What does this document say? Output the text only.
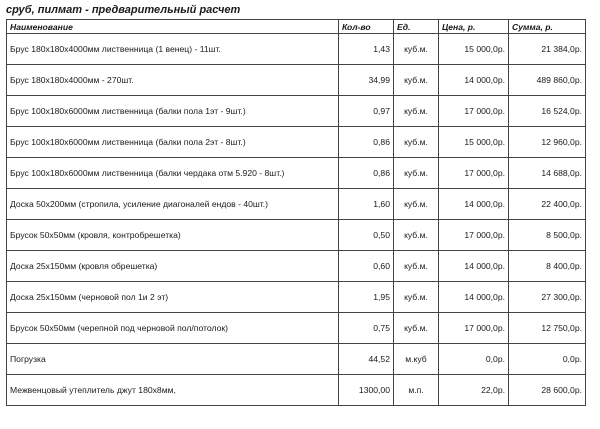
сруб, пилмат - предварительный расчет
Наименование	Кол-во	Ед.	Цена, р.	Сумма, р.
Брус 180х180х4000мм лиственница (1 венец) - 11шт.	1,43	куб.м.	15 000,0р.	21 384,0р.
Брус 180х180х4000мм - 270шт.	34,99	куб.м.	14 000,0р.	489 860,0р.
Брус 100х180х6000мм лиственница (балки пола 1эт - 9шт.)	0,97	куб.м.	17 000,0р.	16 524,0р.
Брус 100х180х6000мм лиственница (балки пола 2эт - 8шт.)	0,86	куб.м.	15 000,0р.	12 960,0р.
Брус 100х180х6000мм лиственница (балки чердака отм 5.920 - 8шт.)	0,86	куб.м.	17 000,0р.	14 688,0р.
Доска 50х200мм (стропила, усиление диагоналей ендов - 40шт.)	1,60	куб.м.	14 000,0р.	22 400,0р.
Брусок 50х50мм (кровля, контробрешетка)	0,50	куб.м.	17 000,0р.	8 500,0р.
Доска 25х150мм (кровля обрешетка)	0,60	куб.м.	14 000,0р.	8 400,0р.
Доска 25х150мм (черновой пол 1и 2 эт)	1,95	куб.м.	14 000,0р.	27 300,0р.
Брусок 50х50мм (черепной под черновой пол/потолок)	0,75	куб.м.	17 000,0р.	12 750,0р.
Погрузка	44,52	м.куб	0,0р.	0,0р.
Межвенцовый утеплитель джут 180х8мм,	1300,00	м.п.	22,0р.	28 600,0р.
